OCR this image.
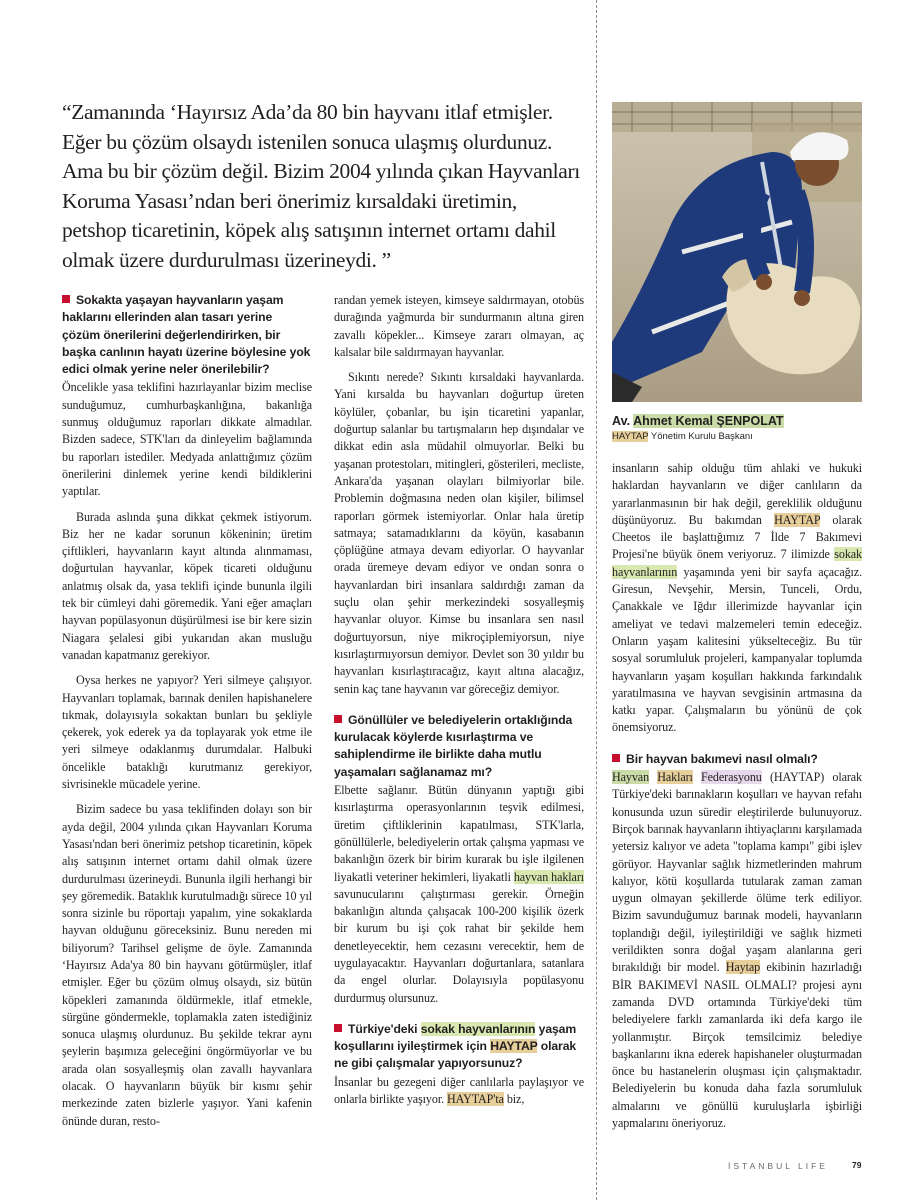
“Zamanında ‘Hayırsız Ada’da 80 bin hayvanı itlaf etmişler. Eğer bu çözüm olsaydı istenilen sonuca ulaşmış olurdunuz. Ama bu bir çözüm değil. Bizim 2004 yılında çıkan Hayvanları Koruma Yasası’ndan beri önerimiz kırsaldaki üretimin, petshop ticaretinin, köpek alış satışının internet ortamı dahil olmak üzere durdurulması üzerineydi. ”
Av. Ahmet Kemal ŞENPOLAT
HAYTAP Yönetim Kurulu Başkanı
Sokakta yaşayan hayvanların yaşam haklarını ellerinden alan tasarı yerine çözüm önerilerini değerlendirirken, bir başka canlının hayatı üzerine böylesine yok edici olmak yerine neler önerilebilir?

Öncelikle yasa teklifini hazırlayanlar bizim meclise sunduğumuz, cumhurbaşkanlığına, bakanlığa sunmuş olduğumuz raporları dikkate almadılar. Bizden sadece, STK'ları da dinleyelim bağlamında bu raporları istediler. Medyada anlattığımız çözüm önerilerini dinlemek yerine kendi bildiklerini yaptılar.

Burada aslında şuna dikkat çekmek istiyorum. Biz her ne kadar sorunun kökeninin; üretim çiftlikleri, hayvanların kayıt altında alınmaması, doğurtulan hayvanlar, köpek ticareti olduğunu anlatmış olsak da, yasa teklifi içinde bununla ilgili tek bir cümleyi dahi göremedik. Yani eğer amaçları hayvan popülasyonun düşürülmesi ise bir kere sizin Niagara şelalesi gibi yukarıdan akan musluğu vanadan kapatmanız gerekiyor.

Oysa herkes ne yapıyor? Yeri silmeye çalışıyor. Hayvanları toplamak, barınak denilen hapishanelere tıkmak, dolayısıyla sokaktan bunları bu şekliyle çekerek, yok ederek ya da toplayarak yok etme ile yeri silmeye odaklanmış durumdalar. Halbuki öncelikle bataklığı kurutmanız gerekiyor, sivrisinekle mücadele yerine.

Bizim sadece bu yasa teklifinden dolayı son bir ayda değil, 2004 yılında çıkan Hayvanları Koruma Yasası'ndan beri önerimiz petshop ticaretinin, köpek alış satışının internet ortamı dahil olmak üzere durdurulması üzerineydi. Bununla ilgili herhangi bir şey göremedik. Bataklık kurutulmadığı sürece 10 yıl sonra sizinle bu röportajı yapalım, yine sokaklarda hayvan olduğunu göreceksiniz. Bunu nereden mi biliyorum? Tarihsel gelişme de öyle. Zamanında ‘Hayırsız Ada'ya 80 bin hayvanı götürmüşler, itlaf etmişler. Eğer bu çözüm olmuş olsaydı, siz bütün köpekleri zamanında öldürmekle, itlaf etmekle, sürgüne göndermekle, toplamakla zaten istediğiniz sonuca ulaşmış olurdunuz. Bu şekilde tekrar aynı şeylerin başımıza geleceğini öngörmüyorlar ve bu arada olan sosyalleşmiş olan zavallı hayvanlara olacak. O hayvanların büyük bir kısmı şehir merkezinde zaten bizlerle yaşıyor. Yani kafenin önünde duran, resto-

randan yemek isteyen, kimseye saldırmayan, otobüs durağında yağmurda bir sundurmanın altına giren zavallı köpekler... Kimseye zararı olmayan, aç kalsalar bile saldırmayan hayvanlar.

Sıkıntı nerede? Sıkıntı kırsaldaki hayvanlarda. Yani kırsalda bu hayvanları doğurtup üreten köylüler, çobanlar, bu işin ticaretini yapanlar, doğurtup salanlar bu tartışmaların hep dışındalar ve dikkat edin asla müdahil olmuyorlar. Belki bu yaşanan protestoları, mitingleri, gösterileri, mecliste, Ankara'da yaşanan olayları bilmiyorlar bile. Problemin doğmasına neden olan kişiler, bilimsel raporları görmek istemiyorlar. Onlar hala üretip satmaya; satamadıklarını da köyün, kasabanın çöplüğüne atmaya devam ediyorlar. O hayvanlar orada üremeye devam ediyor ve ondan sonra o hayvanlardan biri insanlara saldırdığı zaman da suçlu olan şehir merkezindeki sosyalleşmiş hayvanlar oluyor. Kimse bu insanlara sen nasıl doğurtuyorsun, niye mikroçiplemiyorsun, niye kısırlaştırmıyorsun demiyor. Devlet son 30 yıldır bu hayvanları kısırlaştıracağız, kayıt altına alacağız, senin kaç tane hayvanın var göreceğiz demiyor.

Gönüllüler ve belediyelerin ortaklığında kurulacak köylerde kısırlaştırma ve sahiplendirme ile birlikte daha mutlu yaşamaları sağlanamaz mı?

Elbette sağlanır. Bütün dünyanın yaptığı gibi kısırlaştırma operasyonlarının teşvik edilmesi, üretim çiftliklerinin kapatılması, STK'larla, gönüllülerle, belediyelerin ortak çalışma yapması ve bakanlığın özerk bir birim kurarak bu işle ilgilenen liyakatli veteriner hekimleri, liyakatli hayvan hakları savunucularını çalıştırması gerekir. Örneğin bakanlığın altında çalışacak 100-200 kişilik özerk bir kurum bu işi çok rahat bir şekilde hem denetleyecektir, hem cezasını verecektir, hem de uygulayacaktır. Hayvanları doğurtanlara, satanlara da engel olurlar. Dolayısıyla popülasyonu durdurmuş olursunuz.

Türkiye'deki sokak hayvanlarının yaşam koşullarını iyileştirmek için HAYTAP olarak ne gibi çalışmalar yapıyorsunuz?

İnsanlar bu gezegeni diğer canlılarla paylaşıyor ve onlarla birlikte yaşıyor. HAYTAP'ta biz,

insanların sahip olduğu tüm ahlaki ve hukuki haklardan hayvanların ve diğer canlıların da yararlanmasının bir hak değil, gereklilik olduğunu düşünüyoruz. Bu bakımdan HAYTAP olarak Cheetos ile başlattığımız 7 İlde 7 Bakımevi Projesi'ne büyük önem veriyoruz. 7 ilimizde sokak hayvanlarının yaşamında yeni bir sayfa açacağız. Giresun, Nevşehir, Mersin, Tunceli, Ordu, Çanakkale ve Iğdır illerimizde hayvanlar için ameliyat ve tedavi malzemeleri temin edeceğiz. Onların yaşam kalitesini yükselteceğiz. Bu tür sosyal sorumluluk projeleri, kampanyalar toplumda hayvanların yaşam koşulları hakkında farkındalık yaratılmasına ve hayvan sevgisinin artmasına da katkı yapar. Çalışmaların bu yönünü de çok önemsiyoruz.

Bir hayvan bakımevi nasıl olmalı?

Hayvan Hakları Federasyonu (HAYTAP) olarak Türkiye'deki barınakların koşulları ve hayvan refahı konusunda uzun süredir eleştirilerde bulunuyoruz. Birçok barınak hayvanların ihtiyaçlarını karşılamada yetersiz kalıyor ve adeta "toplama kampı" gibi işlev görüyor. Hayvanlar sağlık hizmetlerinden mahrum kalıyor, kötü koşullarda tutularak zaman zaman uygun olmayan şekillerde ölüme terk ediliyor. Bizim savunduğumuz barınak modeli, hayvanların toplandığı değil, iyileştirildiği ve sağlık hizmeti verildikten sonra doğal yaşam alanlarına geri bırakıldığı bir model. Haytap ekibinin hazırladığı BİR BAKIMEVİ NASIL OLMALI? projesi aynı zamanda DVD ortamında Türkiye'deki tüm belediyelere farklı zamanlarda iki defa kargo ile yollanmıştır. Birçok temsilcimiz belediye başkanlarını ikna ederek hapishaneler oluşturmadan önce bu hastanelerin oluşması için çalışmaktadır. Belediyelerin bu konuda daha fazla sorumluluk almalarını ve gönüllü kuruluşlarla işbirliği yapmalarını öneriyoruz.

İSTANBUL LIFE	79
